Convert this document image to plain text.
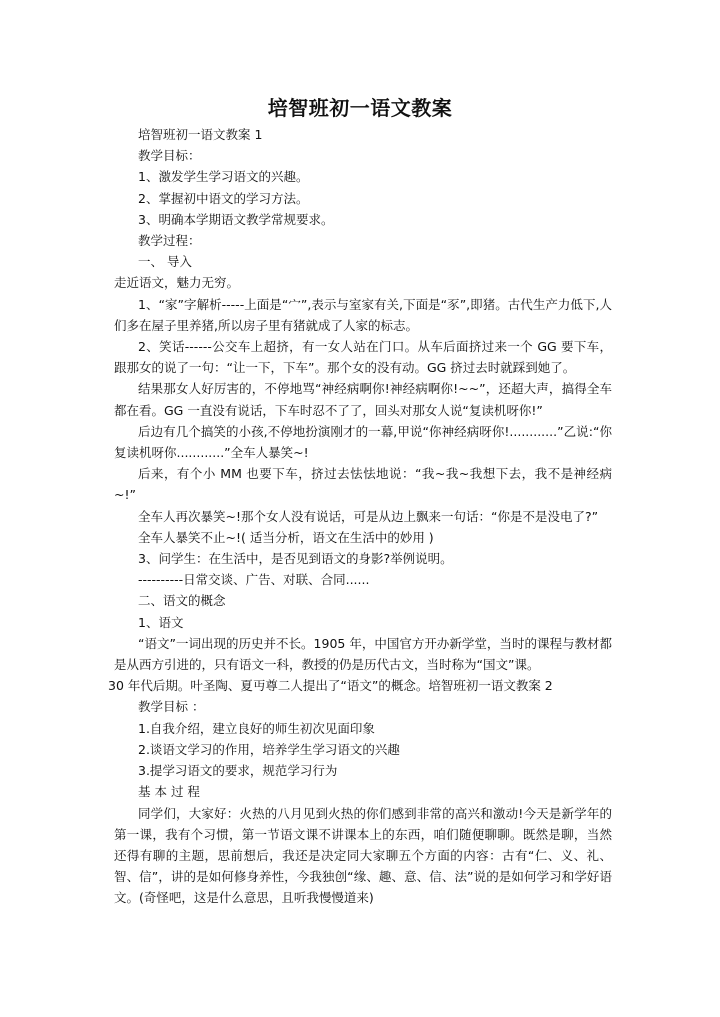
培智班初一语文教案

培智班初一语文教案 1

教学目标：

1、激发学生学习语文的兴趣。

2、掌握初中语文的学习方法。

3、明确本学期语文教学常规要求。

教学过程：

一、 导入

走近语文，魅力无穷。

1、“家”字解析-----上面是“宀”,表示与室家有关,下面是“豕”,即猪。古代生产力低下,人们多在屋子里养猪,所以房子里有猪就成了人家的标志。

2、笑话------公交车上超挤，有一女人站在门口。从车后面挤过来一个 GG 要下车，跟那女的说了一句：“让一下，下车”。那个女的没有动。GG 挤过去时就踩到她了。

结果那女人好厉害的，不停地骂“神经病啊你!神经病啊你!~~”，还超大声，搞得全车都在看。GG 一直没有说话，下车时忍不了了，回头对那女人说“复读机呀你!”

后边有几个搞笑的小孩,不停地扮演刚才的一幕,甲说“你神经病呀你!............”乙说:“你复读机呀你............”全车人暴笑~!

后来，有个小 MM 也要下车，挤过去怯怯地说：“我~我~我想下去，我不是神经病~!”

全车人再次暴笑~!那个女人没有说话，可是从边上飘来一句话：“你是不是没电了?”

全车人暴笑不止~!( 适当分析，语文在生活中的妙用 )

3、问学生：在生活中，是否见到语文的身影?举例说明。

----------日常交谈、广告、对联、合同......

二、语文的概念

1、语文

“语文”一词出现的历史并不长。1905 年，中国官方开办新学堂，当时的课程与教材都是从西方引进的，只有语文一科，教授的仍是历代古文，当时称为“国文”课。

30 年代后期。叶圣陶、夏丏尊二人提出了“语文”的概念。培智班初一语文教案 2

教学目标 ：

1.自我介绍，建立良好的师生初次见面印象

2.谈语文学习的作用，培养学生学习语文的兴趣

3.提学习语文的要求，规范学习行为

基 本 过 程

同学们，大家好：火热的八月见到火热的你们感到非常的高兴和激动!今天是新学年的第一课，我有个习惯，第一节语文课不讲课本上的东西，咱们随便聊聊。既然是聊，当然还得有聊的主题，思前想后，我还是决定同大家聊五个方面的内容：古有“仁、义、礼、智、信”，讲的是如何修身养性，今我独创“缘、趣、意、信、法”说的是如何学习和学好语文。(奇怪吧，这是什么意思，且听我慢慢道来)
